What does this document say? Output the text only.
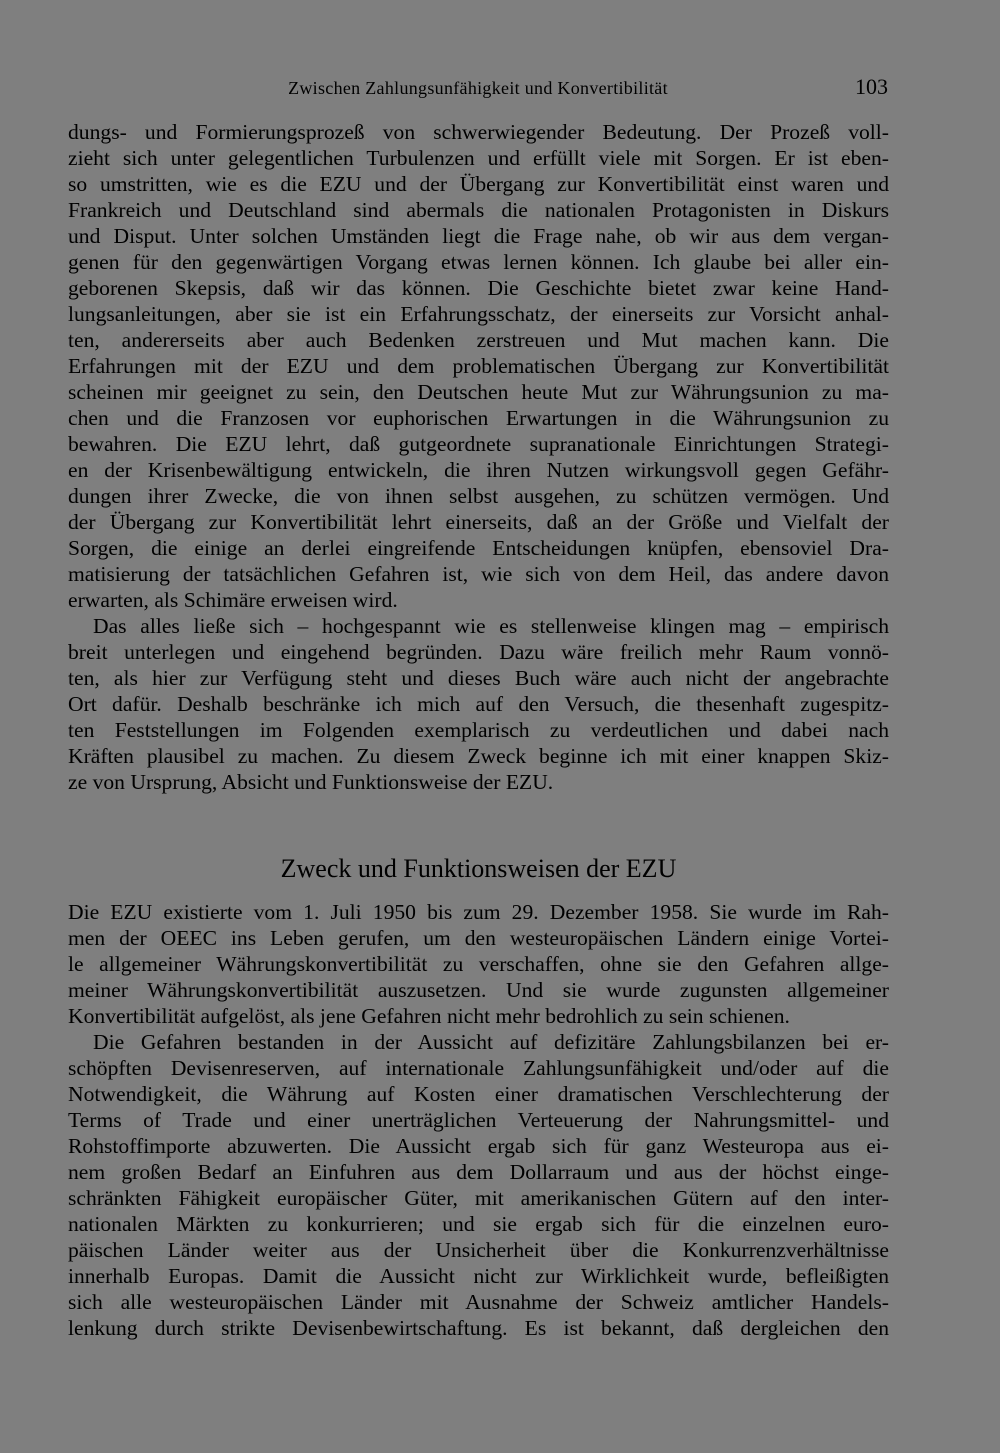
Zwischen Zahlungsunfähigkeit und Konvertibilität	103
dungs- und Formierungsprozeß von schwerwiegender Bedeutung. Der Prozeß voll-
zieht sich unter gelegentlichen Turbulenzen und erfüllt viele mit Sorgen. Er ist eben-
so umstritten, wie es die EZU und der Übergang zur Konvertibilität einst waren und
Frankreich und Deutschland sind abermals die nationalen Protagonisten in Diskurs
und Disput. Unter solchen Umständen liegt die Frage nahe, ob wir aus dem vergan-
genen für den gegenwärtigen Vorgang etwas lernen können. Ich glaube bei aller ein-
geborenen Skepsis, daß wir das können. Die Geschichte bietet zwar keine Hand-
lungsanleitungen, aber sie ist ein Erfahrungsschatz, der einerseits zur Vorsicht anhal-
ten, andererseits aber auch Bedenken zerstreuen und Mut machen kann. Die
Erfahrungen mit der EZU und dem problematischen Übergang zur Konvertibilität
scheinen mir geeignet zu sein, den Deutschen heute Mut zur Währungsunion zu ma-
chen und die Franzosen vor euphorischen Erwartungen in die Währungsunion zu
bewahren. Die EZU lehrt, daß gutgeordnete supranationale Einrichtungen Strategi-
en der Krisenbewältigung entwickeln, die ihren Nutzen wirkungsvoll gegen Gefähr-
dungen ihrer Zwecke, die von ihnen selbst ausgehen, zu schützen vermögen. Und
der Übergang zur Konvertibilität lehrt einerseits, daß an der Größe und Vielfalt der
Sorgen, die einige an derlei eingreifende Entscheidungen knüpfen, ebensoviel Dra-
matisierung der tatsächlichen Gefahren ist, wie sich von dem Heil, das andere davon
erwarten, als Schimäre erweisen wird.
Das alles ließe sich – hochgespannt wie es stellenweise klingen mag – empirisch
breit unterlegen und eingehend begründen. Dazu wäre freilich mehr Raum vonnö-
ten, als hier zur Verfügung steht und dieses Buch wäre auch nicht der angebrachte
Ort dafür. Deshalb beschränke ich mich auf den Versuch, die thesenhaft zugespitz-
ten Feststellungen im Folgenden exemplarisch zu verdeutlichen und dabei nach
Kräften plausibel zu machen. Zu diesem Zweck beginne ich mit einer knappen Skiz-
ze von Ursprung, Absicht und Funktionsweise der EZU.
Zweck und Funktionsweisen der EZU
Die EZU existierte vom 1. Juli 1950 bis zum 29. Dezember 1958. Sie wurde im Rah-
men der OEEC ins Leben gerufen, um den westeuropäischen Ländern einige Vortei-
le allgemeiner Währungskonvertibilität zu verschaffen, ohne sie den Gefahren allge-
meiner Währungskonvertibilität auszusetzen. Und sie wurde zugunsten allgemeiner
Konvertibilität aufgelöst, als jene Gefahren nicht mehr bedrohlich zu sein schienen.
Die Gefahren bestanden in der Aussicht auf defizitäre Zahlungsbilanzen bei er-
schöpften Devisenreserven, auf internationale Zahlungsunfähigkeit und/oder auf die
Notwendigkeit, die Währung auf Kosten einer dramatischen Verschlechterung der
Terms of Trade und einer unerträglichen Verteuerung der Nahrungsmittel- und
Rohstoffimporte abzuwerten. Die Aussicht ergab sich für ganz Westeuropa aus ei-
nem großen Bedarf an Einfuhren aus dem Dollarraum und aus der höchst einge-
schränkten Fähigkeit europäischer Güter, mit amerikanischen Gütern auf den inter-
nationalen Märkten zu konkurrieren; und sie ergab sich für die einzelnen euro-
päischen Länder weiter aus der Unsicherheit über die Konkurrenzverhältnisse
innerhalb Europas. Damit die Aussicht nicht zur Wirklichkeit wurde, befleißigten
sich alle westeuropäischen Länder mit Ausnahme der Schweiz amtlicher Handels-
lenkung durch strikte Devisenbewirtschaftung. Es ist bekannt, daß dergleichen den
